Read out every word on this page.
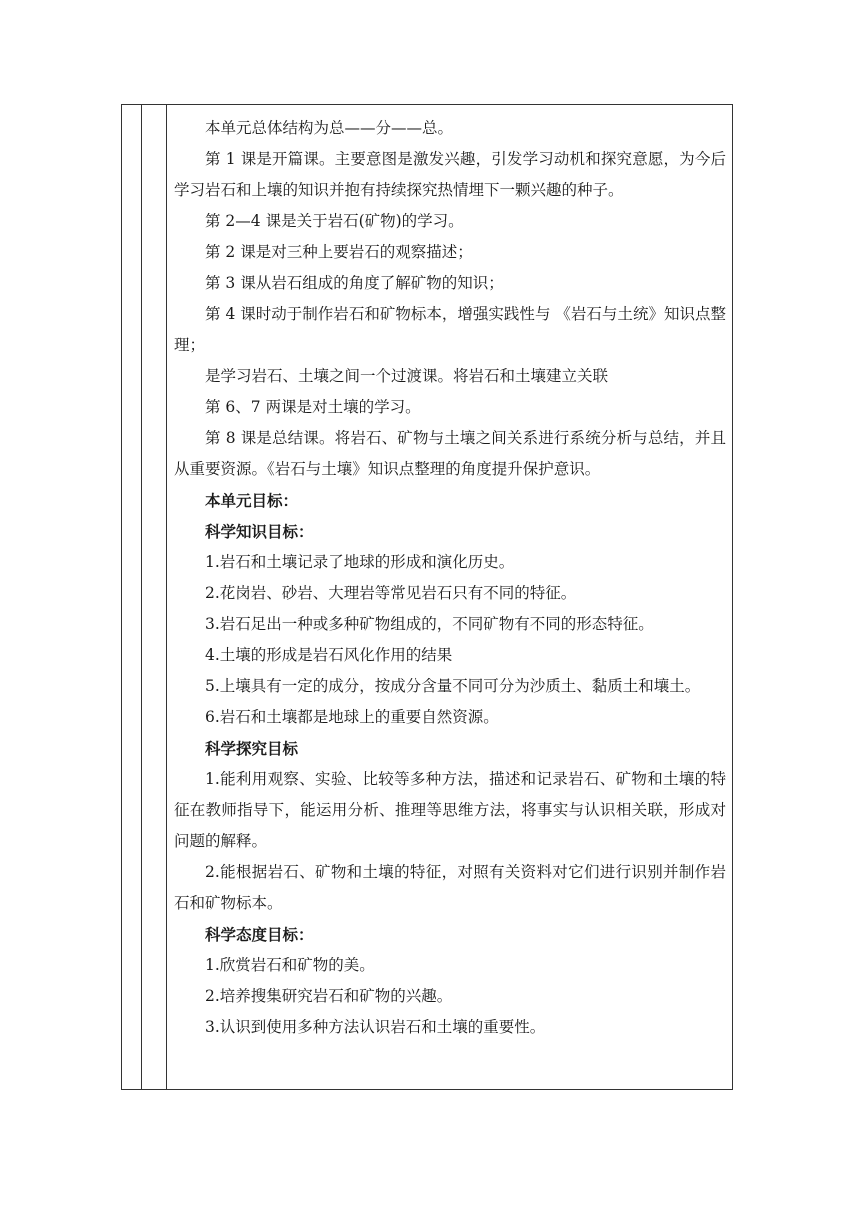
本单元总体结构为总——分——总。

第 1 课是开篇课。主要意图是激发兴趣，引发学习动机和探究意愿，为今后学习岩石和上壤的知识并抱有持续探究热情埋下一颗兴趣的种子。

第 2—4 课是关于岩石(矿物)的学习。

第 2 课是对三种上要岩石的观察描述；

第 3 课从岩石组成的角度了解矿物的知识；

第 4 课时动于制作岩石和矿物标本，增强实践性与 《岩石与土统》知识点整理；

是学习岩石、土壤之间一个过渡课。将岩石和土壤建立关联

第 6、7 两课是对土壤的学习。

第 8 课是总结课。将岩石、矿物与土壤之间关系进行系统分析与总结，并且从重要资源。《岩石与土壤》知识点整理的角度提升保护意识。

本单元目标：

科学知识目标：

1.岩石和土壤记录了地球的形成和演化历史。

2.花岗岩、砂岩、大理岩等常见岩石只有不同的特征。

3.岩石足出一种或多种矿物组成的，不同矿物有不同的形态特征。

4.土壤的形成是岩石风化作用的结果

5.上壤具有一定的成分，按成分含量不同可分为沙质土、黏质土和壤土。

6.岩石和土壤都是地球上的重要自然资源。

科学探究目标

1.能利用观察、实验、比较等多种方法，描述和记录岩石、矿物和土壤的特征在教师指导下，能运用分析、推理等思维方法，将事实与认识相关联，形成对问题的解释。

2.能根据岩石、矿物和土壤的特征，对照有关资料对它们进行识别并制作岩石和矿物标本。

科学态度目标：

1.欣赏岩石和矿物的美。

2.培养搜集研究岩石和矿物的兴趣。

3.认识到使用多种方法认识岩石和土壤的重要性。
